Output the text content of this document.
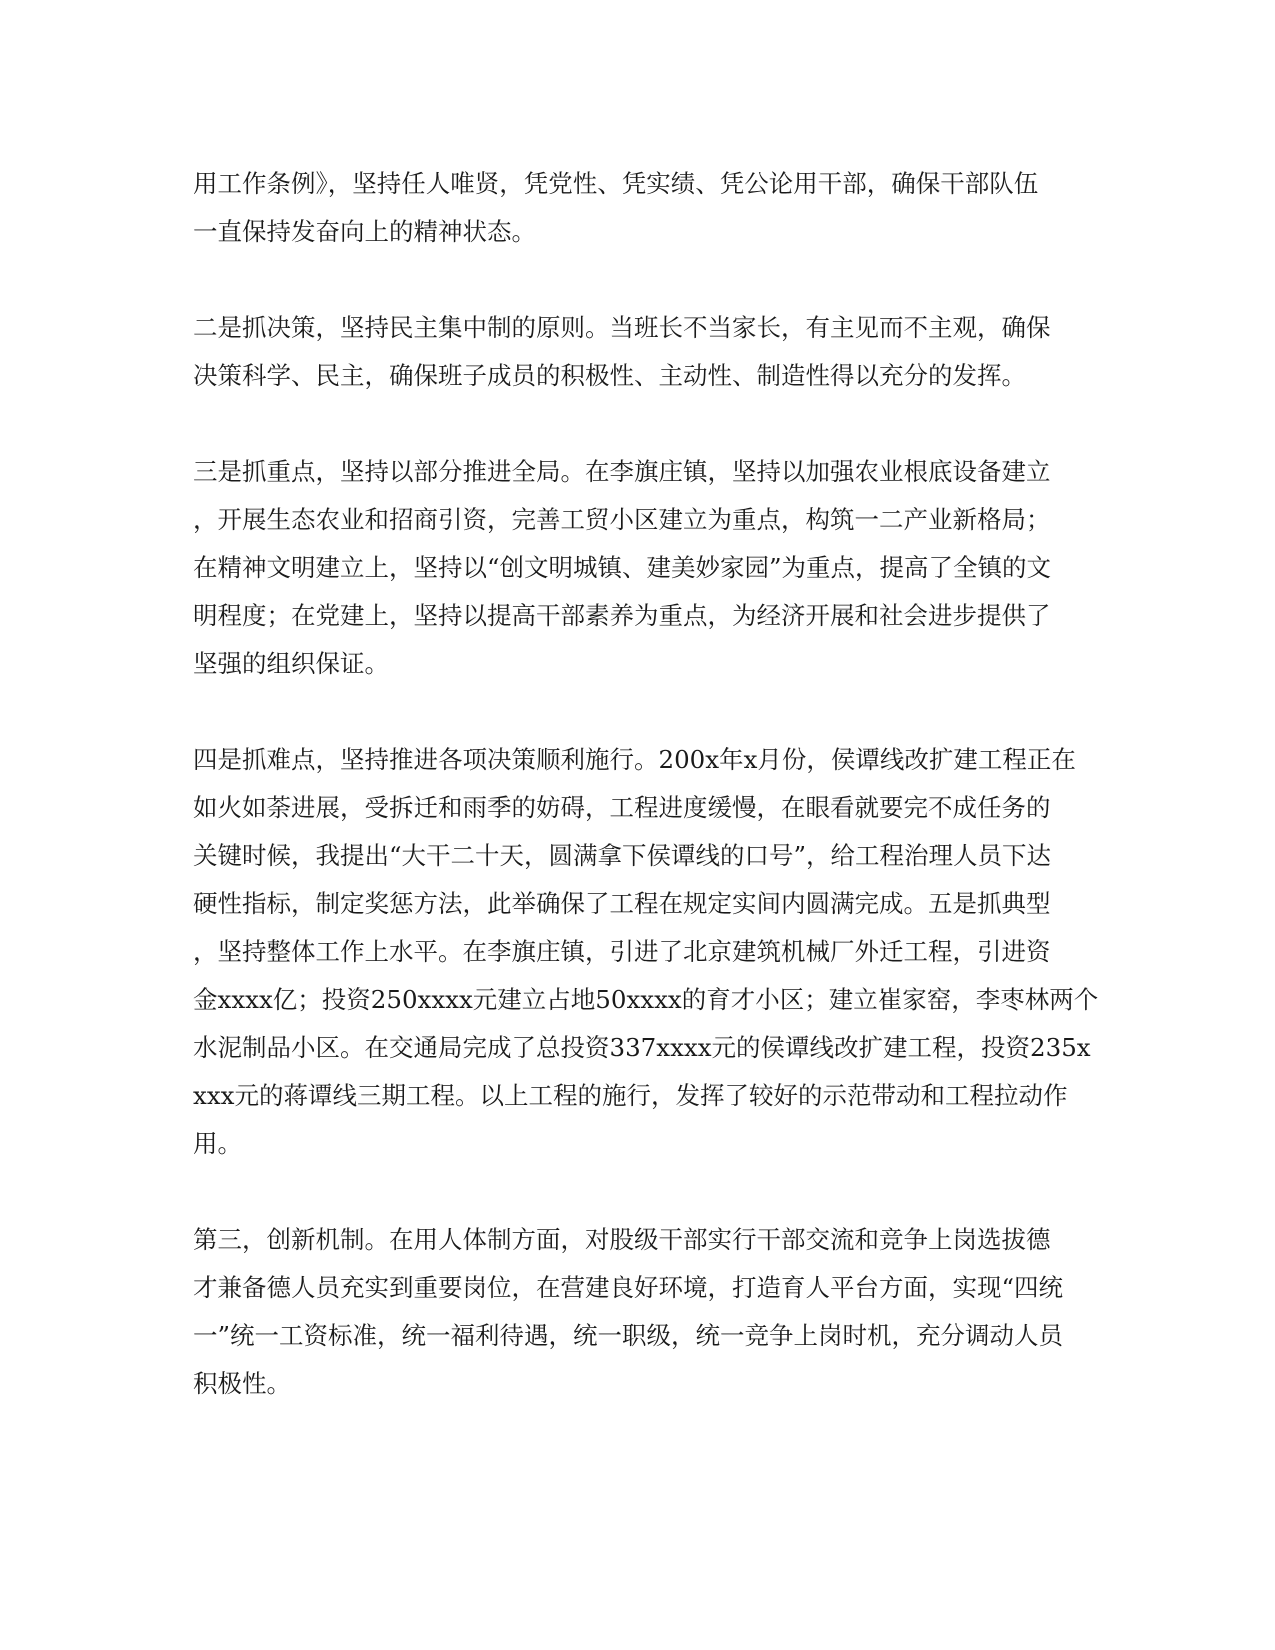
用工作条例》，坚持任人唯贤，凭党性、凭实绩、凭公论用干部，确保干部队伍
一直保持发奋向上的精神状态。
二是抓决策，坚持民主集中制的原则。当班长不当家长，有主见而不主观，确保
决策科学、民主，确保班子成员的积极性、主动性、制造性得以充分的发挥。
三是抓重点，坚持以部分推进全局。在李旗庄镇，坚持以加强农业根底设备建立
，开展生态农业和招商引资，完善工贸小区建立为重点，构筑一二产业新格局；
在精神文明建立上，坚持以“创文明城镇、建美妙家园”为重点，提高了全镇的文
明程度；在党建上，坚持以提高干部素养为重点，为经济开展和社会进步提供了
坚强的组织保证。
四是抓难点，坚持推进各项决策顺利施行。200x年x月份，侯谭线改扩建工程正在
如火如荼进展，受拆迁和雨季的妨碍，工程进度缓慢，在眼看就要完不成任务的
关键时候，我提出“大干二十天，圆满拿下侯谭线的口号”，给工程治理人员下达
硬性指标，制定奖惩方法，此举确保了工程在规定实间内圆满完成。五是抓典型
，坚持整体工作上水平。在李旗庄镇，引进了北京建筑机械厂外迁工程，引进资
金xxxx亿；投资250xxxx元建立占地50xxxx的育才小区；建立崔家窑，李枣林两个
水泥制品小区。在交通局完成了总投资337xxxx元的侯谭线改扩建工程，投资235x
xxx元的蒋谭线三期工程。以上工程的施行，发挥了较好的示范带动和工程拉动作
用。
第三，创新机制。在用人体制方面，对股级干部实行干部交流和竞争上岗选拔德
才兼备德人员充实到重要岗位，在营建良好环境，打造育人平台方面，实现“四统
一”统一工资标准，统一福利待遇，统一职级，统一竞争上岗时机，充分调动人员
积极性。
